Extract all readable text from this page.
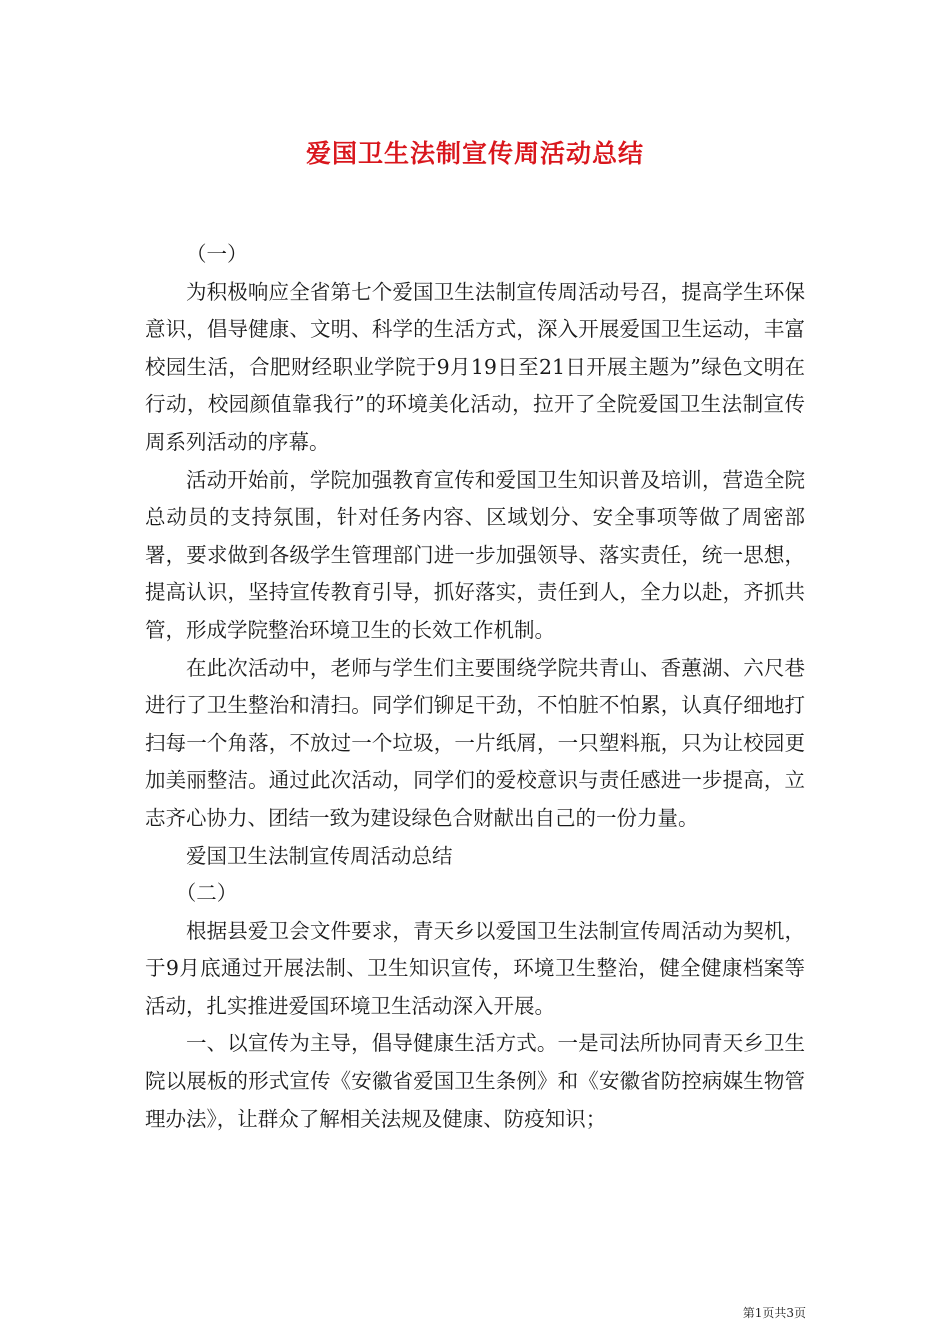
爱国卫生法制宣传周活动总结

（一）

为积极响应全省第七个爱国卫生法制宣传周活动号召，提高学生环保意识，倡导健康、文明、科学的生活方式，深入开展爱国卫生运动，丰富校园生活，合肥财经职业学院于9月19日至21日开展主题为”绿色文明在行动，校园颜值靠我行”的环境美化活动，拉开了全院爱国卫生法制宣传周系列活动的序幕。

活动开始前，学院加强教育宣传和爱国卫生知识普及培训，营造全院总动员的支持氛围，针对任务内容、区域划分、安全事项等做了周密部署，要求做到各级学生管理部门进一步加强领导、落实责任，统一思想，提高认识，坚持宣传教育引导，抓好落实，责任到人，全力以赴，齐抓共管，形成学院整治环境卫生的长效工作机制。

在此次活动中，老师与学生们主要围绕学院共青山、香蕙湖、六尺巷进行了卫生整治和清扫。同学们铆足干劲，不怕脏不怕累，认真仔细地打扫每一个角落，不放过一个垃圾，一片纸屑，一只塑料瓶，只为让校园更加美丽整洁。通过此次活动，同学们的爱校意识与责任感进一步提高，立志齐心协力、团结一致为建设绿色合财献出自己的一份力量。

爱国卫生法制宣传周活动总结

（二）

根据县爱卫会文件要求，青天乡以爱国卫生法制宣传周活动为契机，于9月底通过开展法制、卫生知识宣传，环境卫生整治，健全健康档案等活动，扎实推进爱国环境卫生活动深入开展。

一、以宣传为主导，倡导健康生活方式。一是司法所协同青天乡卫生院以展板的形式宣传《安徽省爱国卫生条例》和《安徽省防控病媒生物管理办法》，让群众了解相关法规及健康、防疫知识；

第1页共3页
